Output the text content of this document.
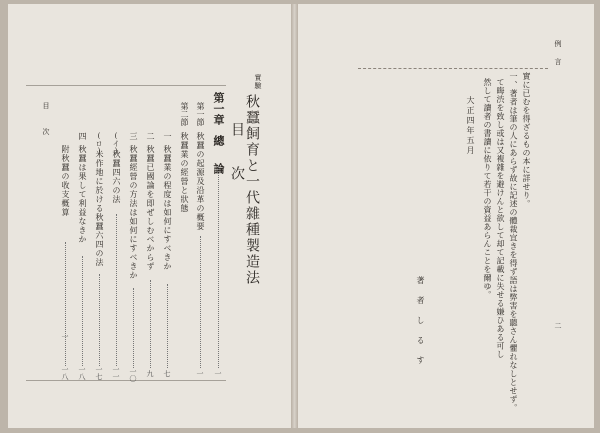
目　次
一
實驗
秋蠶飼育と一代雜種製造法
目　次
第一章
總　論
一
第一節
秋蠶の起源及沿革の概要
一
第二節
秋蠶業の經營と狀態
一
秋蠶業の程度は如何にすべきか
七
二
秋蠶已國論を即ぜしむべからず
九
三
秋蠶經營の方法は如何にすべきか
一〇
(イ)
秋蠶四六の法
一一
(ロ)
米作地に於ける秋蠶六四の法
一七
四
秋蠶は果して利益なきか
一八
附秋蠶の收支概算
一八
例　言
二
實に已むを得ざるもの本に詳せり。
一、著者は筆の人にあらず故に記述の體裁宜きを得ず語は弊害を聽さん懼れなしとせず。
て晦渋を致し或は又複雜を避けんと欲して却て記載に失せる嫌ひある可し
然して讀者の書讀に依りて若干の資益あらんことを爾ゆ。
大正四年五月
著　者　し　る　す
